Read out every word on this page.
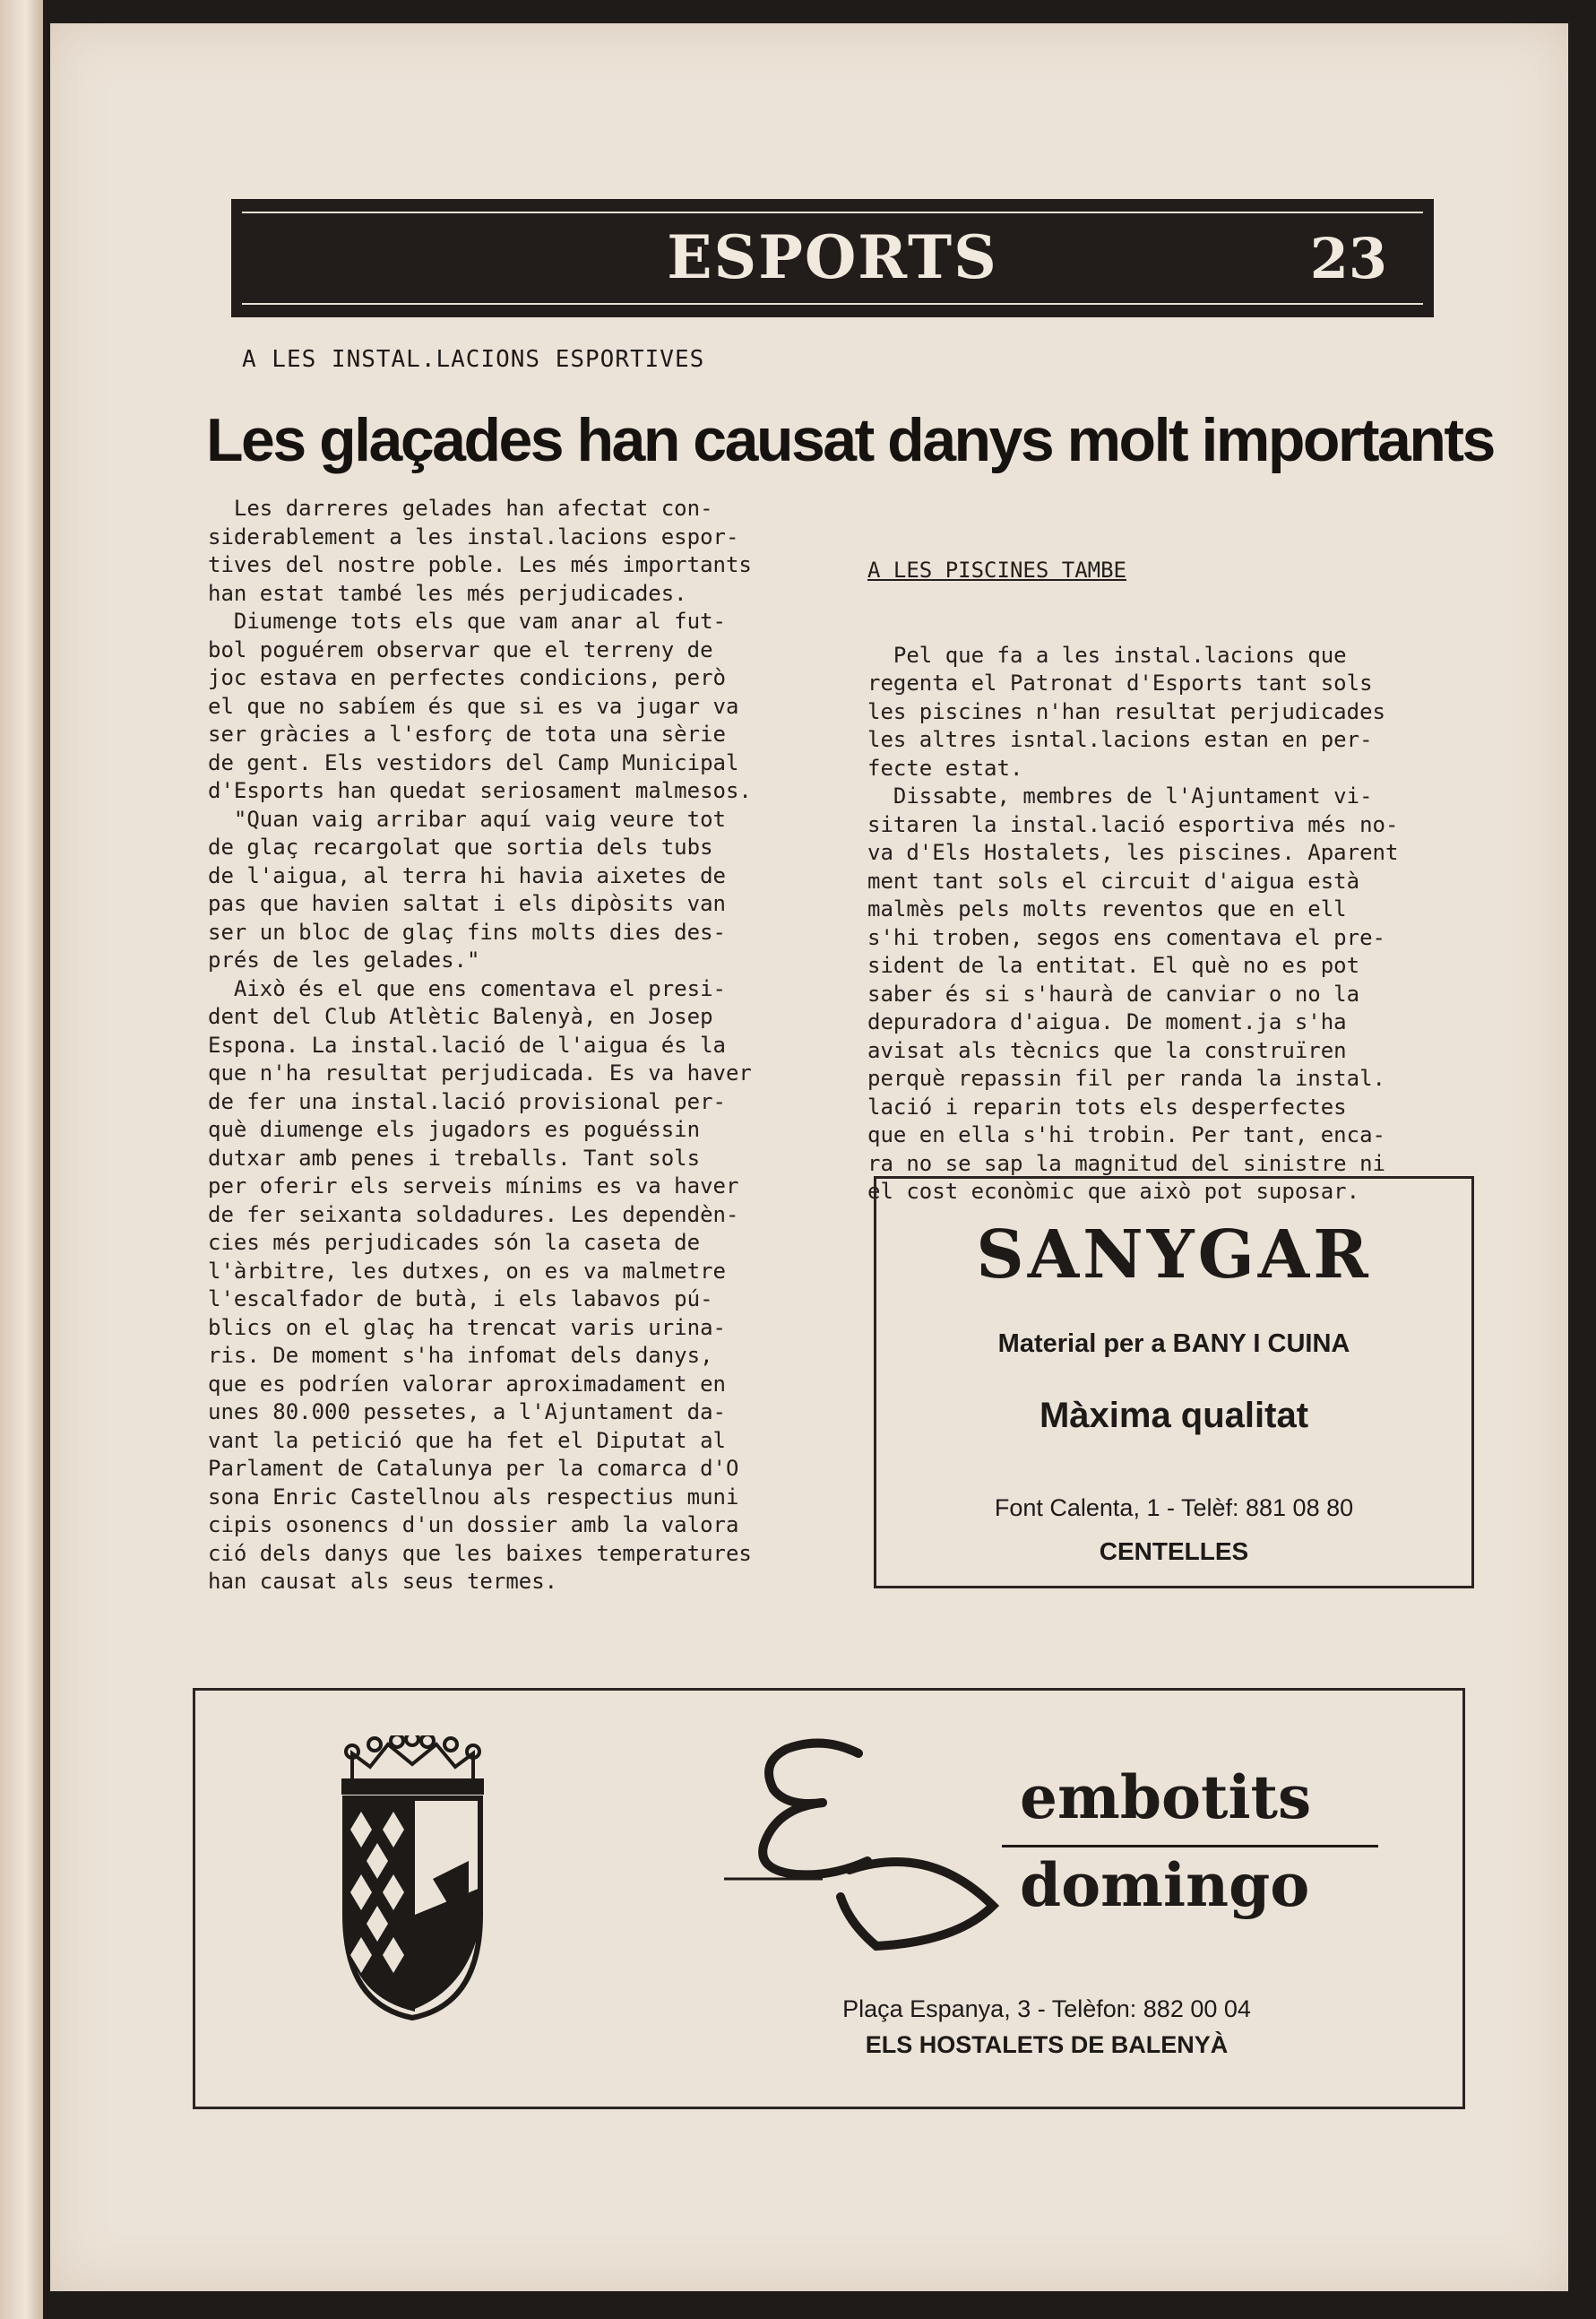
ESPORTS	23
A LES INSTAL.LACIONS ESPORTIVES
Les glaçades han causat danys molt importants
Les darreres gelades han afectat con-
siderablement a les instal.lacions espor-
tives del nostre poble. Les més importants
han estat també les més perjudicades.
Diumenge tots els que vam anar al fut-
bol poguérem observar que el terreny de
joc estava en perfectes condicions, però
el que no sabíem és que si es va jugar va
ser gràcies a l'esforç de tota una sèrie
de gent. Els vestidors del Camp Municipal
d'Esports han quedat seriosament malmesos.
"Quan vaig arribar aquí vaig veure tot
de glaç recargolat que sortia dels tubs
de l'aigua, al terra hi havia aixetes de
pas que havien saltat i els dipòsits van
ser un bloc de glaç fins molts dies des-
prés de les gelades."
Això és el que ens comentava el presi-
dent del Club Atlètic Balenyà, en Josep
Espona. La instal.lació de l'aigua és la
que n'ha resultat perjudicada. Es va haver
de fer una instal.lació provisional per-
què diumenge els jugadors es poguéssin
dutxar amb penes i treballs. Tant sols
per oferir els serveis mínims es va haver
de fer seixanta soldadures. Les dependèn-
cies més perjudicades són la caseta de
l'àrbitre, les dutxes, on es va malmetre
l'escalfador de butà, i els labavos pú-
blics on el glaç ha trencat varis urina-
ris. De moment s'ha infomat dels danys,
que es podríen valorar aproximadament en
unes 80.000 pessetes, a l'Ajuntament da-
vant la petició que ha fet el Diputat al
Parlament de Catalunya per la comarca d'O
sona Enric Castellnou als respectius muni
cipis osonencs d'un dossier amb la valora
ció dels danys que les baixes temperatures
han causat als seus termes.

A LES PISCINES TAMBE

Pel que fa a les instal.lacions que
regenta el Patronat d'Esports tant sols
les piscines n'han resultat perjudicades
les altres isntal.lacions estan en per-
fecte estat.
Dissabte, membres de l'Ajuntament vi-
sitaren la instal.lació esportiva més no-
va d'Els Hostalets, les piscines. Aparent
ment tant sols el circuit d'aigua està
malmès pels molts reventos que en ell
s'hi troben, segos ens comentava el pre-
sident de la entitat. El què no es pot
saber és si s'haurà de canviar o no la
depuradora d'aigua. De moment.ja s'ha
avisat als tècnics que la construïren
perquè repassin fil per randa la instal.
lació i reparin tots els desperfectes
que en ella s'hi trobin. Per tant, enca-
ra no se sap la magnitud del sinistre ni
el cost econòmic que això pot suposar.

SANYGAR
Material per a BANY I CUINA
Màxima qualitat
Font Calenta, 1 - Telèf: 881 08 80
CENTELLES
embotits
domingo
Plaça Espanya, 3 - Telèfon: 882 00 04
ELS HOSTALETS DE BALENYÀ
